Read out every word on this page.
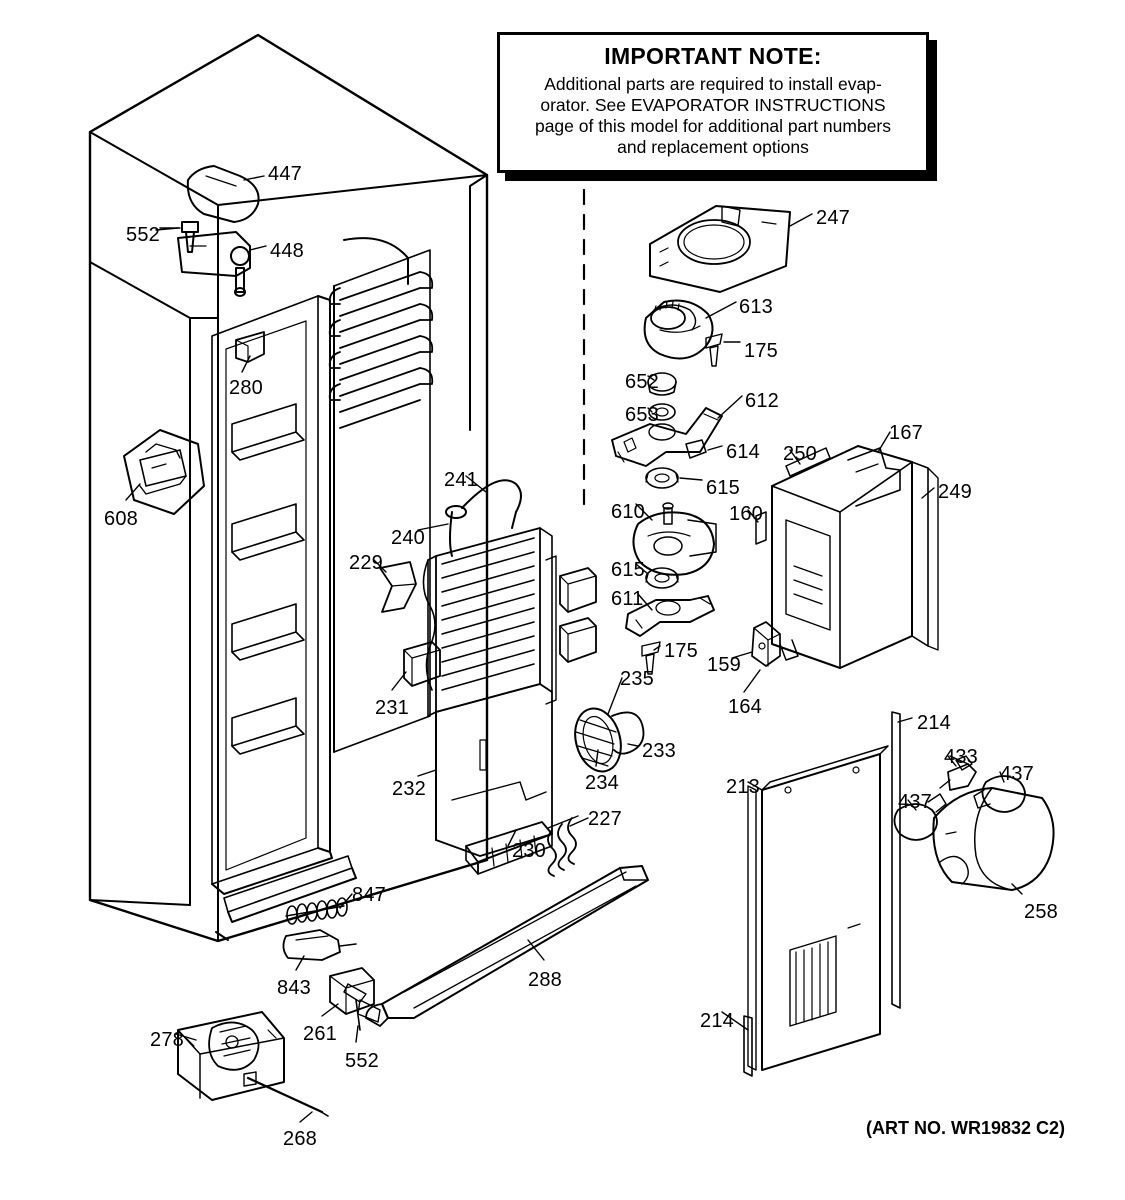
IMPORTANT NOTE:
Additional parts are required to install evap-
orator. See EVAPORATOR INSTRUCTIONS
page of this model for additional part numbers
and replacement options
447
552
448
280
608
241
240
229
231
232
230
227
288
847
843
261
552
278
268
235
234
233
247
613
175
652
612
653
614
615
610
615
611
175
250
167
249
160
159
164
214
213
433
437
437
258
214
(ART NO. WR19832 C2)
